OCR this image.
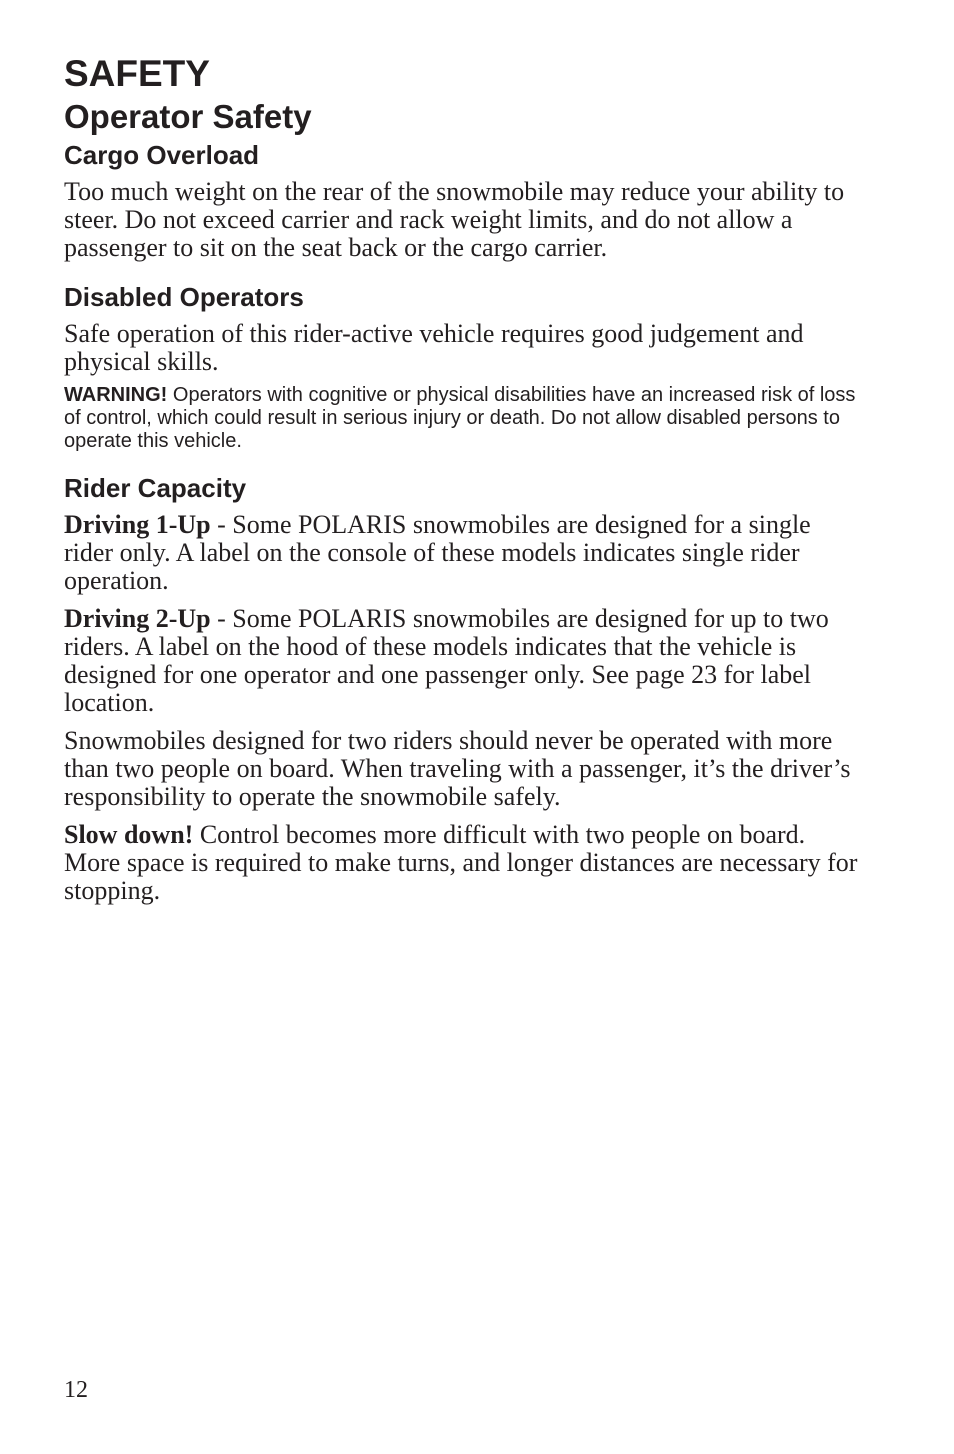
SAFETY
Operator Safety
Cargo Overload

Too much weight on the rear of the snowmobile may reduce your ability to steer. Do not exceed carrier and rack weight limits, and do not allow a passenger to sit on the seat back or the cargo carrier.

Disabled Operators

Safe operation of this rider-active vehicle requires good judgement and physical skills.

WARNING! Operators with cognitive or physical disabilities have an increased risk of loss of control, which could result in serious injury or death. Do not allow disabled persons to operate this vehicle.

Rider Capacity

Driving 1-Up - Some POLARIS snowmobiles are designed for a single rider only. A label on the console of these models indicates single rider operation.

Driving 2-Up - Some POLARIS snowmobiles are designed for up to two riders. A label on the hood of these models indicates that the vehicle is designed for one operator and one passenger only. See page 23 for label location.

Snowmobiles designed for two riders should never be operated with more than two people on board. When traveling with a passenger, it’s the driver’s responsibility to operate the snowmobile safely.

Slow down! Control becomes more difficult with two people on board. More space is required to make turns, and longer distances are necessary for stopping.

12
